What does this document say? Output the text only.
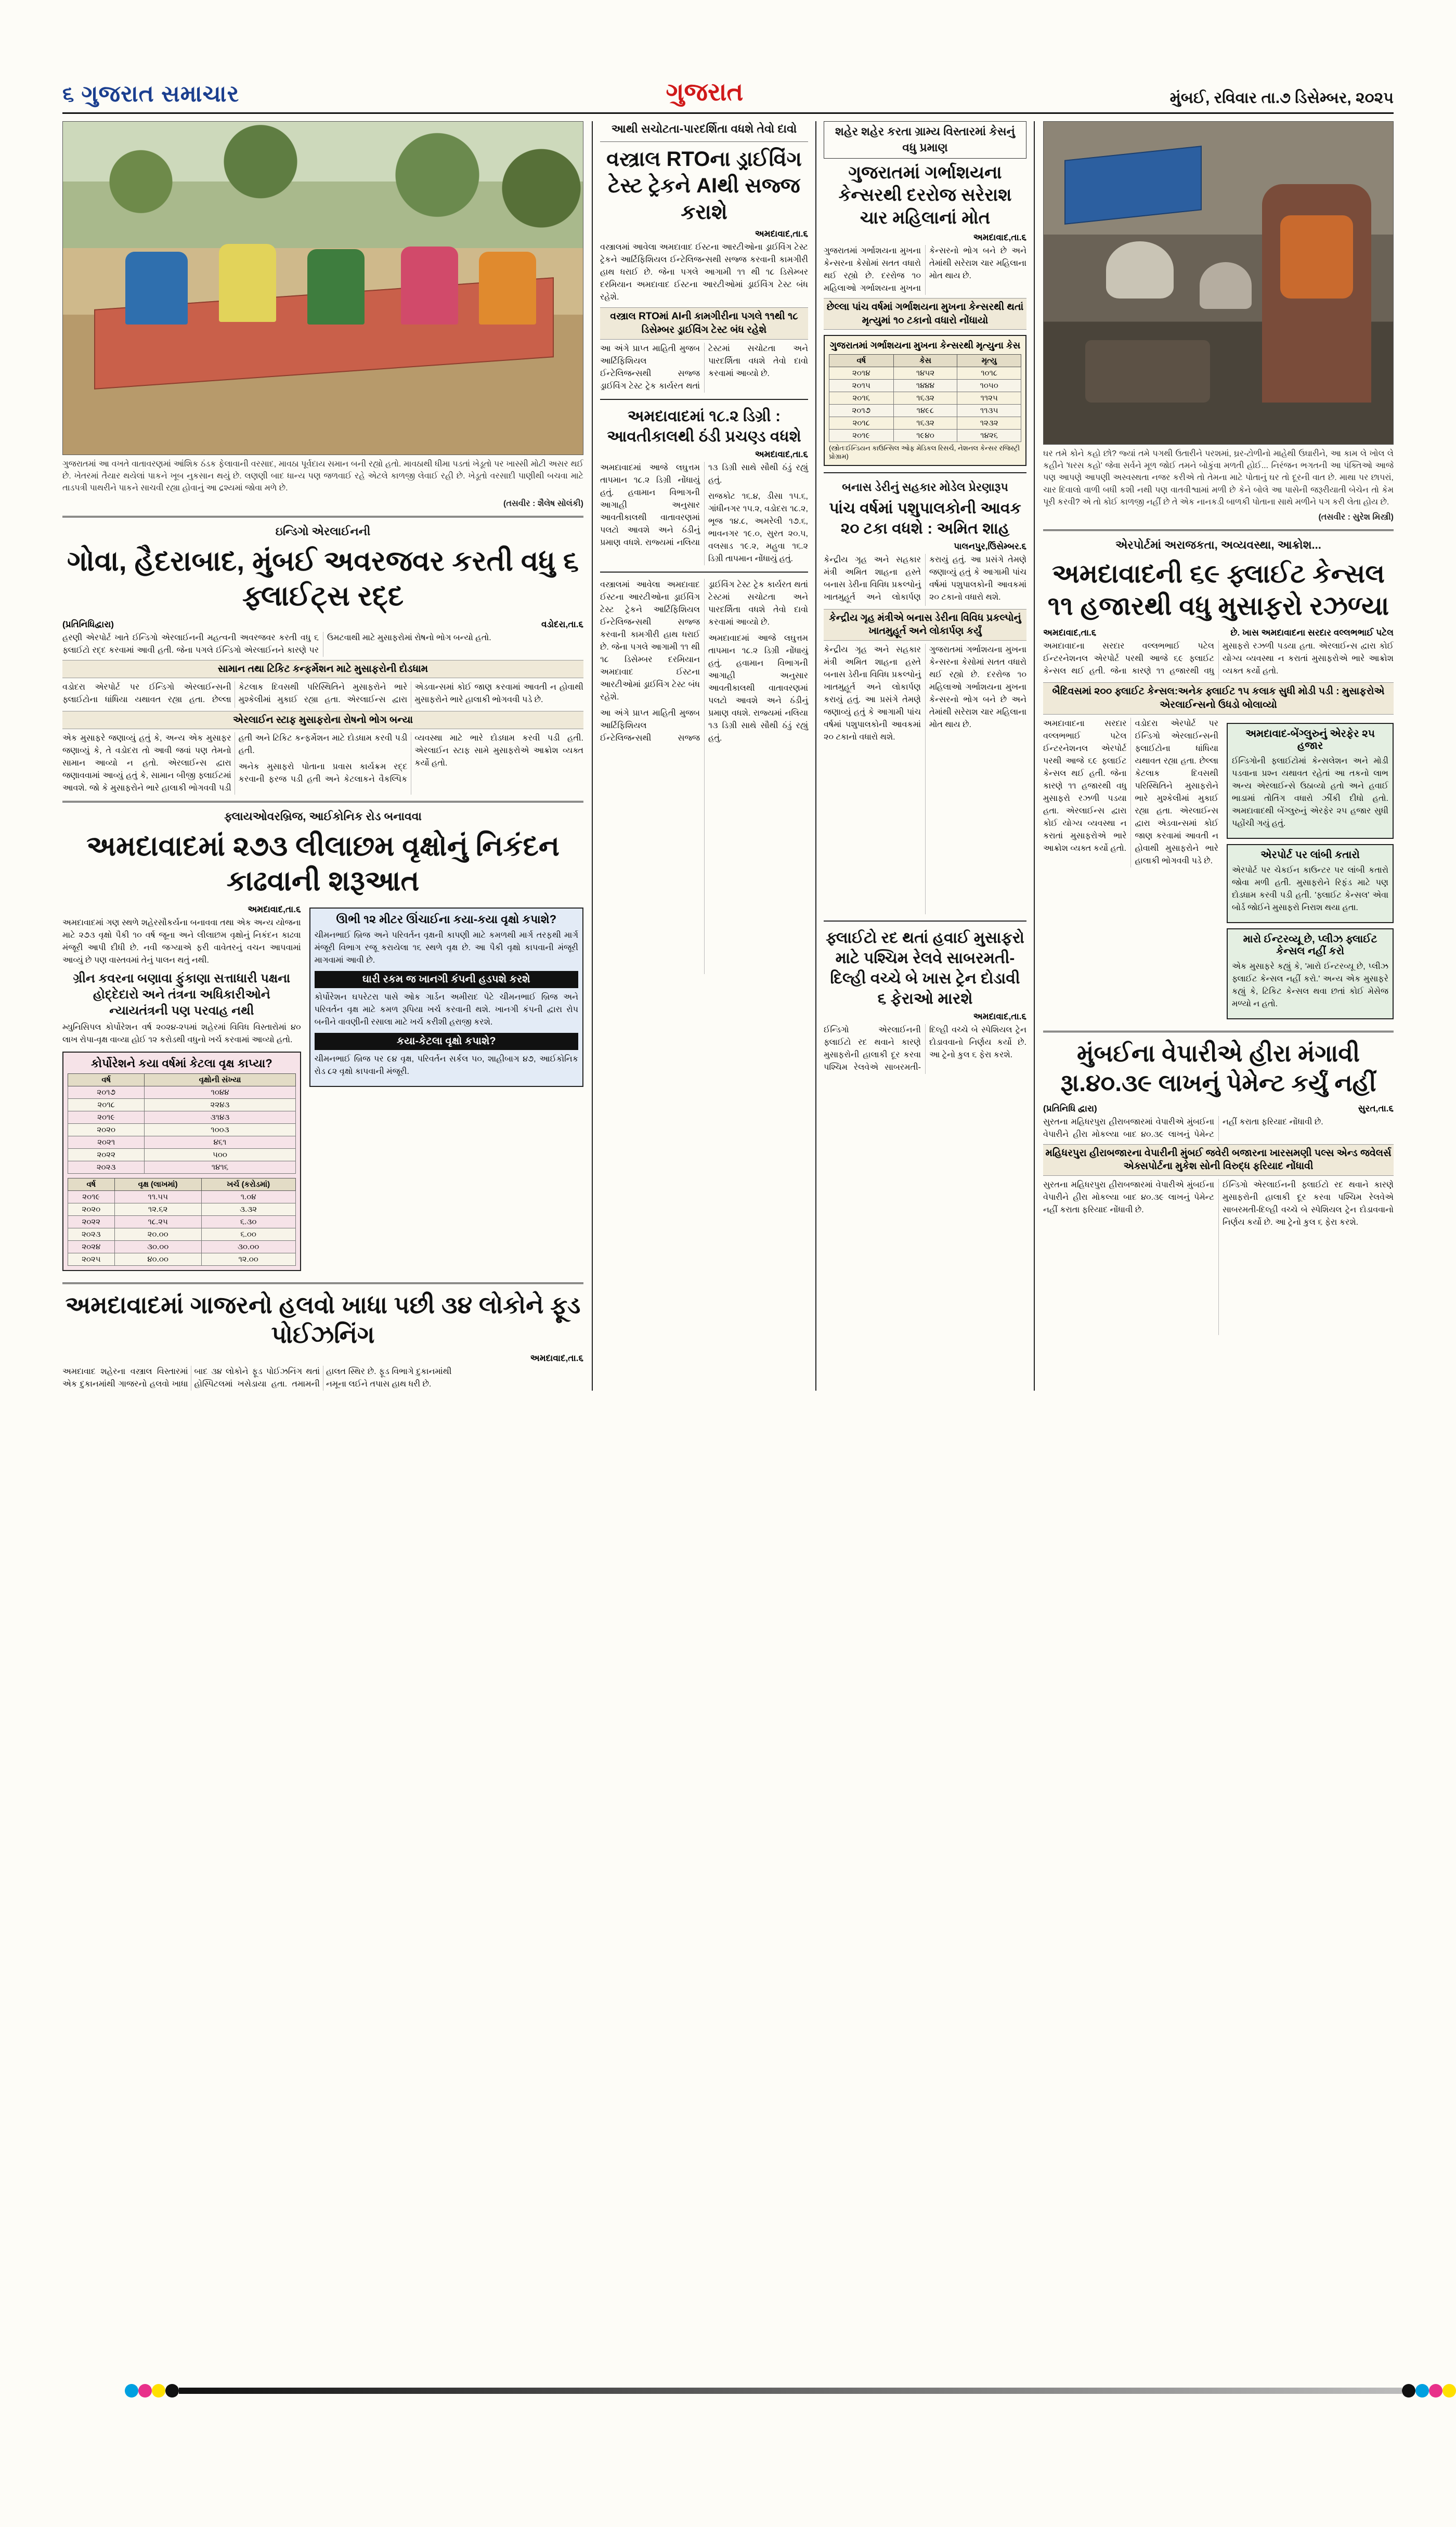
૬ ગુજરાત સમાચાર	ગુજરાત	મુંબઈ, રવિવાર તા.૭ ડિસેમ્બર, ૨૦૨૫
ગુજરાતમાં આ વખતે વાતાવરણમાં આંશિક ઠંડક ફેલાવાની વરસાદ, માવઠા પૂર્વદાય સમાન બની રહ્યો હતો. માવઠાથી ધીમા પડતાં ખેડૂતો પર ખાસ્સી મોટી અસર થઈ છે. ખેતરમાં તૈયાર થયેલાં પાકને ખૂબ નુકસાન થયું છે. લણણી બાદ ધાન્ય પણ જળવાઈ રહે એટલે કાળજી લેવાઈ રહી છે. ખેડૂતો વરસાદી પાણીથી બચવા માટે તાડપત્રી પાથરીને પાકને સાચવી રહ્યા હોવાનું આ દ્રશ્યમાં જોવા મળે છે.
(તસવીર : શૈલેષ સોલંકી)
ઇન્ડિગો એરલાઈનની
ગોવા, હૈદરાબાદ, મુંબઈ અવરજવર કરતી વધુ ૬ ફ્લાઈટ્સ રદ્દ
(પ્રતિનિધિદ્વારા)	વડોદરા,તા.૬

હરણી એરપોર્ટ ખાતે ઈન્ડિગો એરલાઈનની મહત્વની અવરજવર કરતી વધુ ૬ ફ્લાઈટો રદ્દ કરવામાં આવી હતી. જેના પગલે ઈન્ડિગો એરલાઈનને કારણે પર ઉમટવાથી માટે મુસાફરોમાં રોષનો ભોગ બન્યો હતો.

સામાન તથા ટિકિટ કન્ફર્મેશન માટે મુસાફરોની દોડધામ

વડોદરા એરપોર્ટ પર ઈન્ડિગો એરલાઈન્સની ફ્લાઈટોના ધાંધિયા યથાવત રહ્યા હતા. છેલ્લા કેટલાક દિવસથી પરિસ્થિતિને મુસાફરોને ભારે મુશ્કેલીમાં મુકાઈ રહ્યા હતા. એરલાઈન્સ દ્વારા એડવાન્સમાં કોઈ જાણ કરવામાં આવતી ન હોવાથી મુસાફરોને ભારે હાલાકી ભોગવવી પડે છે.

એરલાઈન સ્ટાફ મુસાફરોના રોષનો ભોગ બન્યા

એક મુસાફરે જણાવ્યું હતું કે, અન્ય એક મુસાફર જણાવ્યું કે, તે વડોદરા તો આવી જવાં પણ તેમનો સામાન આવ્યો ન હતો. એરલાઈન્સ દ્વારા જણાવવામાં આવ્યું હતું કે, સામાન બીજી ફ્લાઈટમાં આવશે. જો કે મુસાફરોને ભારે હાલાકી ભોગવવી પડી હતી અને ટિકિટ કન્ફર્મેશન માટે દોડધામ કરવી પડી હતી.

અનેક મુસાફરો પોતાના પ્રવાસ કાર્યક્રમ રદ્દ કરવાની ફરજ પડી હતી અને કેટલાકને વૈકલ્પિક વ્યવસ્થા માટે ભારે દોડધામ કરવી પડી હતી. એરલાઈન સ્ટાફ સામે મુસાફરોએ આક્રોશ વ્યક્ત કર્યો હતો.

ફ્લાયઓવરબ્રિજ, આઈકોનિક રોડ બનાવવા
અમદાવાદમાં ૨૭૩ લીલાછમ વૃક્ષોનું નિકંદન કાઢવાની શરૂઆત
અમદાવાદ,તા.૬

અમદાવાદમાં ગણ સ્થળે શહેરસૌકર્યના બનાવવા તથા એક અન્ય યોજના માટે ૨૭૩ વૃક્ષો પૈકી ૧૦ વર્ષ જૂના અને લીલાછમ વૃક્ષોનું નિકંદન કાઢવા મંજૂરી આપી દીધી છે. નવી જગ્યાએ ફરી વાવેતરનું વચન આપવામાં આવ્યું છે પણ વાસ્તવમાં તેનું પાલન થતું નથી.

ગ્રીન કવરના બણાવા ફુંકાણા સત્તાધારી પક્ષના હોદ્દેદારો અને તંત્રના અધિકારીઓને ન્યાયતંત્રની પણ પરવાહ નથી

મ્યુનિસિપલ કોર્પોરેશન વર્ષ ૨૦૨૪-૨૫માં શહેરમાં વિવિધ વિસ્તારોમાં ૪૦ લાખ રોપા-વૃક્ષ વાવ્યા હોઈ ૧૨ કરોડથી વધુનો ખર્ચ કરવામાં આવ્યો હતો.

કોર્પોરેશને કયા વર્ષમાં કેટલા વૃક્ષ કાપ્યા?
વર્ષ	વૃક્ષોની સંખ્યા
૨૦૧૭	૧૦૪૪
૨૦૧૮	૨૨૪૩
૨૦૧૯	૩૧૪૩
૨૦૨૦	૧૦૦૩
૨૦૨૧	૪૬૧
૨૦૨૨	૫૦૦
૨૦૨૩	૧૪૧૬
વર્ષ	વૃક્ષ (લાખમાં)	ખર્ચ (કરોડમાં)
૨૦૧૯	૧૧.૫૫	૧.૦૪
૨૦૨૦	૧૨.૬૨	૩.૩૨
૨૦૨૨	૧૮.૨૫	૬.૩૦
૨૦૨૩	૨૦.૦૦	૬.૦૦
૨૦૨૪	૩૦.૦૦	૩૦.૦૦
૨૦૨૫	૪૦.૦૦	૧૨.૦૦
ઊભી ૧૨ મીટર ઊંચાઈના કયા-કયા વૃક્ષો કપાશે?

ચીમનભાઈ બ્રિજ અને પરિવર્તન વૃક્ષની કાપણી માટે કમળથી માર્ગ તરફથી માર્ગ મંજૂરી વિભાગ રજૂ કરાયેલા ૧૬ સ્થળે વૃક્ષ છે. આ પૈકી વૃક્ષો કાપવાની મંજૂરી માગવામાં આવી છે.

ઘારી રકમ જ ખાનગી કંપની હડપશે કરશે

કોર્પોરેશન ઘપરેટરા પાસે ઓક ગાર્ડન અમીરાદ પેટે ચીમનભાઈ બ્રિજ અને પરિવર્તન વૃક્ષ માટે કમળ રૂપિયા ખર્ચ કરવાની થશે. ખાનગી કંપની દ્વારા રોપ બનીને વાવણીની રસાલા માટે ખર્ચ કરીશી હરાજી કરશે.

કયા-કેટલા વૃક્ષો કપાશે?

ચીમનભાઈ બ્રિજ પર ૯૪ વૃક્ષ, પરિવર્તન સર્કલ ૫૦, શાહીબાગ ૪૭, આઈકોનિક રોડ ૮૨ વૃક્ષો કાપવાની મંજૂરી.

અમદાવાદમાં ગાજરનો હલવો ખાધા પછી ૩૪ લોકોને ફૂડ પોઈઝનિંગ
અમદાવાદ,તા.૬

અમદાવાદ શહેરના વસ્ત્રાલ વિસ્તારમાં એક દુકાનમાંથી ગાજરનો હલવો ખાધા બાદ ૩૪ લોકોને ફૂડ પોઈઝનિંગ થતાં હોસ્પિટલમાં ખસેડાયા હતા. તમામની હાલત સ્થિર છે. ફૂડ વિભાગે દુકાનમાંથી નમૂના લઈને તપાસ હાથ ધરી છે.

આથી સચોટતા-પારદર્શિતા વધશે તેવો દાવો
વસ્ત્રાલ RTOના ડ્રાઈવિંગ ટેસ્ટ ટ્રેકને AIથી સજ્જ કરાશે
અમદાવાદ,તા.૬

વસ્ત્રાલમાં આવેલા અમદાવાદ ઈસ્ટના આરટીઓના ડ્રાઈવિંગ ટેસ્ટ ટ્રેકને આર્ટિફિશિયલ ઈન્ટેલિજન્સથી સજ્જ કરવાની કામગીરી હાથ ધરાઈ છે. જેના પગલે આગામી ૧૧ થી ૧૮ ડિસેમ્બર દરમિયાન અમદાવાદ ઈસ્ટના આરટીઓમાં ડ્રાઈવિંગ ટેસ્ટ બંધ રહેશે.

વસ્ત્રાલ RTOમાં AIની કામગીરીના પગલે ૧૧થી ૧૮ ડિસેમ્બર ડ્રાઈવિંગ ટેસ્ટ બંધ રહેશે

આ અંગે પ્રાપ્ત માહિતી મુજબ આર્ટિફિશિયલ ઈન્ટેલિજન્સથી સજ્જ ડ્રાઈવિંગ ટેસ્ટ ટ્રેક કાર્યરત થતાં ટેસ્ટમાં સચોટતા અને પારદર્શિતા વધશે તેવો દાવો કરવામાં આવ્યો છે.

અમદાવાદમાં ૧૮.૨ ડિગ્રી : આવતીકાલથી ઠંડી પ્રચણ્ડ વધશે
અમદાવાદ,તા.૬

અમદાવાદમાં આજે લઘુત્તમ તાપમાન ૧૮.૨ ડિગ્રી નોંધાયું હતું. હવામાન વિભાગની આગાહી અનુસાર આવતીકાલથી વાતાવરણમાં પલટો આવશે અને ઠંડીનું પ્રમાણ વધશે. રાજ્યમાં નલિયા ૧૩ ડિગ્રી સાથે સૌથી ઠંડું રહ્યું હતું.

રાજકોટ ૧૬.૪, ડીસા ૧૫.૬, ગાંધીનગર ૧૫.૨, વડોદરા ૧૮.૨, ભૂજ ૧૪.૮, અમરેલી ૧૭.૬, ભાવનગર ૧૯.૦, સુરત ૨૦.૫, વલસાડ ૧૯.૨, મહુવા ૧૬.૨ ડિગ્રી તાપમાન નોંધાયું હતું.

વસ્ત્રાલમાં આવેલા અમદાવાદ ઈસ્ટના આરટીઓના ડ્રાઈવિંગ ટેસ્ટ ટ્રેકને આર્ટિફિશિયલ ઈન્ટેલિજન્સથી સજ્જ કરવાની કામગીરી હાથ ધરાઈ છે. જેના પગલે આગામી ૧૧ થી ૧૮ ડિસેમ્બર દરમિયાન અમદાવાદ ઈસ્ટના આરટીઓમાં ડ્રાઈવિંગ ટેસ્ટ બંધ રહેશે.

આ અંગે પ્રાપ્ત માહિતી મુજબ આર્ટિફિશિયલ ઈન્ટેલિજન્સથી સજ્જ ડ્રાઈવિંગ ટેસ્ટ ટ્રેક કાર્યરત થતાં ટેસ્ટમાં સચોટતા અને પારદર્શિતા વધશે તેવો દાવો કરવામાં આવ્યો છે.

અમદાવાદમાં આજે લઘુત્તમ તાપમાન ૧૮.૨ ડિગ્રી નોંધાયું હતું. હવામાન વિભાગની આગાહી અનુસાર આવતીકાલથી વાતાવરણમાં પલટો આવશે અને ઠંડીનું પ્રમાણ વધશે. રાજ્યમાં નલિયા ૧૩ ડિગ્રી સાથે સૌથી ઠંડું રહ્યું હતું.

શહેર શહેર કરતા ગ્રામ્ય વિસ્તારમાં કેસનું વધુ પ્રમાણ
ગુજરાતમાં ગર્ભાશયના કેન્સરથી દરરોજ સરેરાશ ચાર મહિલાનાં મોત
અમદાવાદ,તા.૬

ગુજરાતમાં ગર્ભાશયના મુખના કેન્સરના કેસોમાં સતત વધારો થઈ રહ્યો છે. દરરોજ ૧૦ મહિલાઓ ગર્ભાશયના મુખના કેન્સરનો ભોગ બને છે અને તેમાંથી સરેરાશ ચાર મહિલાના મોત થાય છે.

છેલ્લા પાંચ વર્ષમાં ગર્ભાશયના મુખના કેન્સરથી થતાં મૃત્યુમાં ૧૦ ટકાનો વધારો નોંધાયો
ગુજરાતમાં ગર્ભાશયના મુખના કેન્સરથી મૃત્યુના કેસ
વર્ષ	કેસ	મૃત્યુ
૨૦૧૪	૧૪૫૨	૧૦૧૮
૨૦૧૫	૧૪૪૪	૧૦૫૦
૨૦૧૬	૧૬૩૨	૧૧૨૫
૨૦૧૭	૧૪૯૮	૧૧૩૫
૨૦૧૮	૧૬૩૨	૧૨૩૨
૨૦૧૯	૧૯૪૦	૧૪૨૬
(સ્ત્રોતઃઈન્ડિયન કાઉન્સિલ ઓફ મેડિકલ રિસર્ચ, નેશનલ કેન્સર રજિસ્ટ્રી પ્રોગ્રામ)
બનાસ ડેરીનું સહકાર મોડેલ પ્રેરણારૂપ
પાંચ વર્ષમાં પશુપાલકોની આવક ૨૦ ટકા વધશે : અમિત શાહ
પાલનપુર,ઉિસેમ્બર.૬

કેન્દ્રીય ગૃહ અને સહકાર મંત્રી અમિત શાહના હસ્તે બનાસ ડેરીના વિવિધ પ્રકલ્પોનું ખાતમુહૂર્ત અને લોકાર્પણ કરાયું હતું. આ પ્રસંગે તેમણે જણાવ્યું હતું કે આગામી પાંચ વર્ષમાં પશુપાલકોની આવકમાં ૨૦ ટકાનો વધારો થશે.

કેન્દ્રીય ગૃહ મંત્રીએ બનાસ ડેરીના વિવિધ પ્રકલ્પોનું ખાતમુહૂર્ત અને લોકાર્પણ કર્યું

કેન્દ્રીય ગૃહ અને સહકાર મંત્રી અમિત શાહના હસ્તે બનાસ ડેરીના વિવિધ પ્રકલ્પોનું ખાતમુહૂર્ત અને લોકાર્પણ કરાયું હતું. આ પ્રસંગે તેમણે જણાવ્યું હતું કે આગામી પાંચ વર્ષમાં પશુપાલકોની આવકમાં ૨૦ ટકાનો વધારો થશે.

ગુજરાતમાં ગર્ભાશયના મુખના કેન્સરના કેસોમાં સતત વધારો થઈ રહ્યો છે. દરરોજ ૧૦ મહિલાઓ ગર્ભાશયના મુખના કેન્સરનો ભોગ બને છે અને તેમાંથી સરેરાશ ચાર મહિલાના મોત થાય છે.

ફ્લાઈટો રદ થતાં હવાઈ મુસાફરો માટે પશ્ચિમ રેલવે સાબરમતી-દિલ્હી વચ્ચે બે ખાસ ટ્રેન દોડાવી ૬ ફેરાઓ મારશે
અમદાવાદ,તા.૬

ઈન્ડિગો એરલાઈનની ફ્લાઈટો રદ થવાને કારણે મુસાફરોની હાલાકી દૂર કરવા પશ્ચિમ રેલવેએ સાબરમતી-દિલ્હી વચ્ચે બે સ્પેશિયલ ટ્રેન દોડાવવાનો નિર્ણય કર્યો છે. આ ટ્રેનો કુલ ૬ ફેરા કરશે.

ઘર તમે કોને કહો છો? જ્યાં તમે પગથી ઉતારીને પરશમાં, ઘ્રર-ટોળીનો માહેથી ઉઘારીને, આ કામ લે ખોલ લે કહીને 'ધરસ કહો' જેવા સર્વને મૂળ જોઈ તમને બોકુંવા મળતી હોઈ... નિરંજન ભગતની આ પંક્તિઓ આજે પણ આપણે આપણી અસ્વસ્થતા નજર કરીએ તો તેમના માટે પોતાનું ઘર તો દૂરની વાત છે. માથા પર છાપરાં, ચાર દિવાલો વાળી બધી કશી નથી પણ વાતવીશ્વામાં મળી છે કેને બોલે આ પાસેની જરૂરીયાતી બેચેન તો કેમ પૂરી કરવી? એ તો કોઈ કાળજી નહીં છે તે એક નાનકડી બાળકી પોતાના સાથે મળીને પગ કરી લેતા હોય છે.
(તસવીર : સુરેશ મિસ્ત્રી)
એરપોર્ટમાં અરાજકતા, અવ્યવસ્થા, આક્રોશ...
અમદાવાદની ૬૯ ફ્લાઈટ કેન્સલ ૧૧ હજારથી વધુ મુસાફરો રઝળ્યા
અમદાવાદ,તા.૬	છે. ખાસ અમદાવાદના સરદાર વલ્લભભાઈ પટેલ

અમદાવાદના સરદાર વલ્લભભાઈ પટેલ ઈન્ટરનેશનલ એરપોર્ટ પરથી આજે ૬૯ ફ્લાઈટ કેન્સલ થઈ હતી. જેના કારણે ૧૧ હજારથી વધુ મુસાફરો રઝળી પડયા હતા. એરલાઈન્સ દ્વારા કોઈ યોગ્ય વ્યવસ્થા ન કરાતાં મુસાફરોએ ભારે આક્રોશ વ્યક્ત કર્યો હતો.

બૈદિવસમાં ૨૦૦ ફ્લાઈટ કેન્સલ:અનેક ફ્લાઈટ ૧૫ કલાક સુધી મોડી પડી : મુસાફરોએ એરલાઈન્સનો ઉધડો બોલાવ્યો

અમદાવાદના સરદાર વલ્લભભાઈ પટેલ ઈન્ટરનેશનલ એરપોર્ટ પરથી આજે ૬૯ ફ્લાઈટ કેન્સલ થઈ હતી. જેના કારણે ૧૧ હજારથી વધુ મુસાફરો રઝળી પડયા હતા. એરલાઈન્સ દ્વારા કોઈ યોગ્ય વ્યવસ્થા ન કરાતાં મુસાફરોએ ભારે આક્રોશ વ્યક્ત કર્યો હતો.

વડોદરા એરપોર્ટ પર ઈન્ડિગો એરલાઈન્સની ફ્લાઈટોના ધાંધિયા યથાવત રહ્યા હતા. છેલ્લા કેટલાક દિવસથી પરિસ્થિતિને મુસાફરોને ભારે મુશ્કેલીમાં મુકાઈ રહ્યા હતા. એરલાઈન્સ દ્વારા એડવાન્સમાં કોઈ જાણ કરવામાં આવતી ન હોવાથી મુસાફરોને ભારે હાલાકી ભોગવવી પડે છે.

અમદાવાદ-બેંગ્લુરુનું એરફેર ૨૫ હજાર

ઈન્ડિગોની ફ્લાઈટોમાં કેન્સલેશન અને મોડી પડવાના પ્રશ્ન યથાવત રહેતાં આ તકનો લાભ અન્ય એરલાઈન્સે ઉઠાવ્યો હતો અને હવાઈ ભાડામાં તોતિંગ વધારો ઝીંકી દીધો હતો. અમદાવાદથી બેંગ્લુરુનું એરફેર ૨૫ હજાર સુધી પહોંચી ગયું હતું.

એરપોર્ટ પર લાંબી કતારો

એરપોર્ટ પર ચેકઈન કાઉન્ટર પર લાંબી કતારો જોવા મળી હતી. મુસાફરોને રિફંડ માટે પણ દોડધામ કરવી પડી હતી. 'ફ્લાઈટ કેન્સલ' એવા બોર્ડ જોઈને મુસાફરો નિરાશ થયા હતા.

મારો ઈન્ટરવ્યૂ છે, પ્લીઝ ફ્લાઈટ કેન્સલ નહીં કરો

એક મુસાફરે કહ્યું કે, 'મારો ઈન્ટરવ્યૂ છે, પ્લીઝ ફ્લાઈટ કેન્સલ નહીં કરો.' અન્ય એક મુસાફરે કહ્યું કે, ટિકિટ કેન્સલ થવા છતાં કોઈ મેસેજ મળ્યો ન હતો.

મુંબઈના વેપારીએ હીરા મંગાવી રૂા.૪૦.૩૯ લાખનું પેમેન્ટ કર્યું નહીં
(પ્રતિનિધિ દ્વારા)	સુરત,તા.૬

સુરતના મહિધરપુરા હીરાબજારમાં વેપારીએ મુંબઈના વેપારીને હીરા મોકલ્યા બાદ ૪૦.૩૯ લાખનું પેમેન્ટ નહીં કરાતા ફરિયાદ નોંધાવી છે.

મહિધરપુરા હીરાબજારના વેપારીની મુંબઈ જવેરી બજારના ખારસમણી પલ્સ એન્ડ જવેલર્સ એક્સપોર્ટના મુકેશ સોની વિરુદ્ધ ફરિયાદ નોંધાવી

સુરતના મહિધરપુરા હીરાબજારમાં વેપારીએ મુંબઈના વેપારીને હીરા મોકલ્યા બાદ ૪૦.૩૯ લાખનું પેમેન્ટ નહીં કરાતા ફરિયાદ નોંધાવી છે.

ઈન્ડિગો એરલાઈનની ફ્લાઈટો રદ થવાને કારણે મુસાફરોની હાલાકી દૂર કરવા પશ્ચિમ રેલવેએ સાબરમતી-દિલ્હી વચ્ચે બે સ્પેશિયલ ટ્રેન દોડાવવાનો નિર્ણય કર્યો છે. આ ટ્રેનો કુલ ૬ ફેરા કરશે.
